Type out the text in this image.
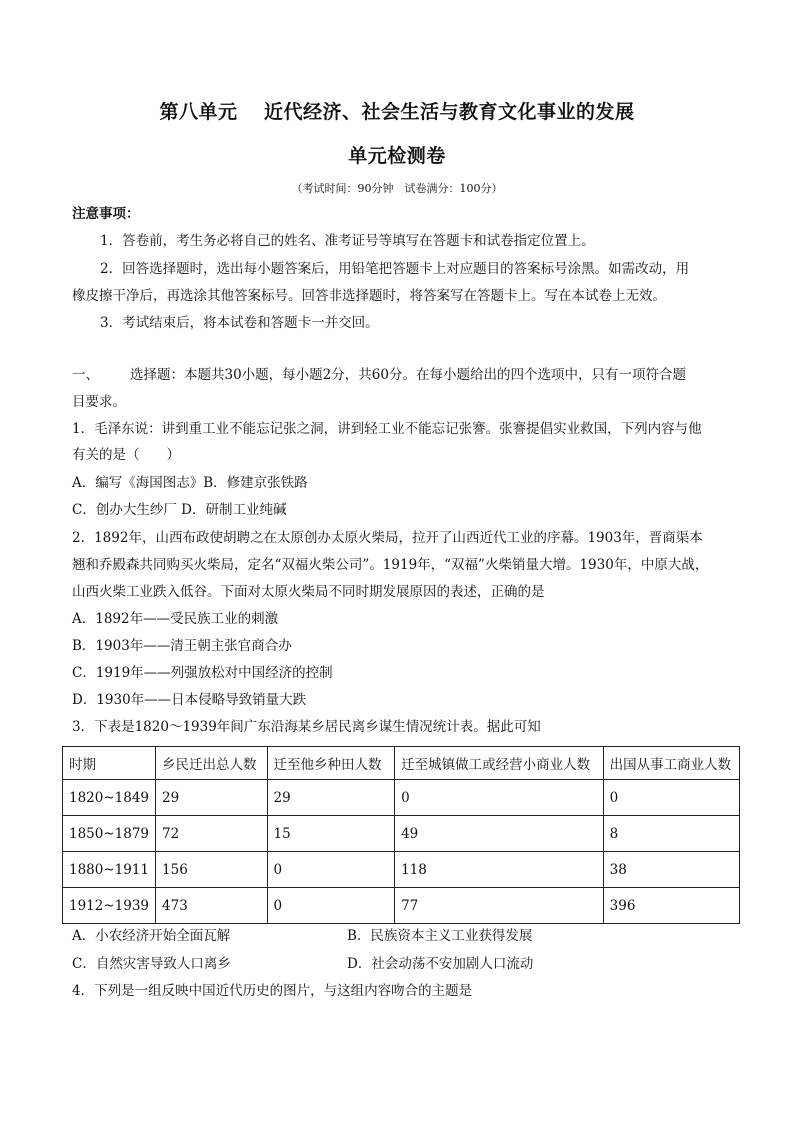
第八单元　 近代经济、社会生活与教育文化事业的发展
单元检测卷
（考试时间：90分钟　试卷满分：100分）
注意事项：
1．答卷前，考生务必将自己的姓名、准考证号等填写在答题卡和试卷指定位置上。
2．回答选择题时，选出每小题答案后，用铅笔把答题卡上对应题目的答案标号涂黑。如需改动，用
橡皮擦干净后，再选涂其他答案标号。回答非选择题时，将答案写在答题卡上。写在本试卷上无效。
3．考试结束后，将本试卷和答题卡一并交回。
一、	选择题：本题共30小题，每小题2分，共60分。在每小题给出的四个选项中，只有一项符合题
目要求。
1．毛泽东说：讲到重工业不能忘记张之洞，讲到轻工业不能忘记张謇。张謇提倡实业救国，下列内容与他
有关的是（　　）
A．编写《海国图志》B．修建京张铁路
C．创办大生纱厂 D．研制工业纯碱
2．1892年，山西布政使胡聘之在太原创办太原火柴局，拉开了山西近代工业的序幕。1903年，晋商渠本
翘和乔殿森共同购买火柴局，定名“双福火柴公司”。1919年，“双福”火柴销量大增。1930年，中原大战，
山西火柴工业跌入低谷。下面对太原火柴局不同时期发展原因的表述，正确的是
A．1892年——受民族工业的刺激
B．1903年——清王朝主张官商合办
C．1919年——列强放松对中国经济的控制
D．1930年——日本侵略导致销量大跌
3．下表是1820～1939年间广东沿海某乡居民离乡谋生情况统计表。据此可知
时期	乡民迁出总人数	迁至他乡种田人数	迁至城镇做工或经营小商业人数	出国从事工商业人数
1820~1849	29	29	0	0
1850~1879	72	15	49	8
1880~1911	156	0	118	38
1912~1939	473	0	77	396
A．小农经济开始全面瓦解	B．民族资本主义工业获得发展
C．自然灾害导致人口离乡	D．社会动荡不安加剧人口流动
4．下列是一组反映中国近代历史的图片，与这组内容吻合的主题是
